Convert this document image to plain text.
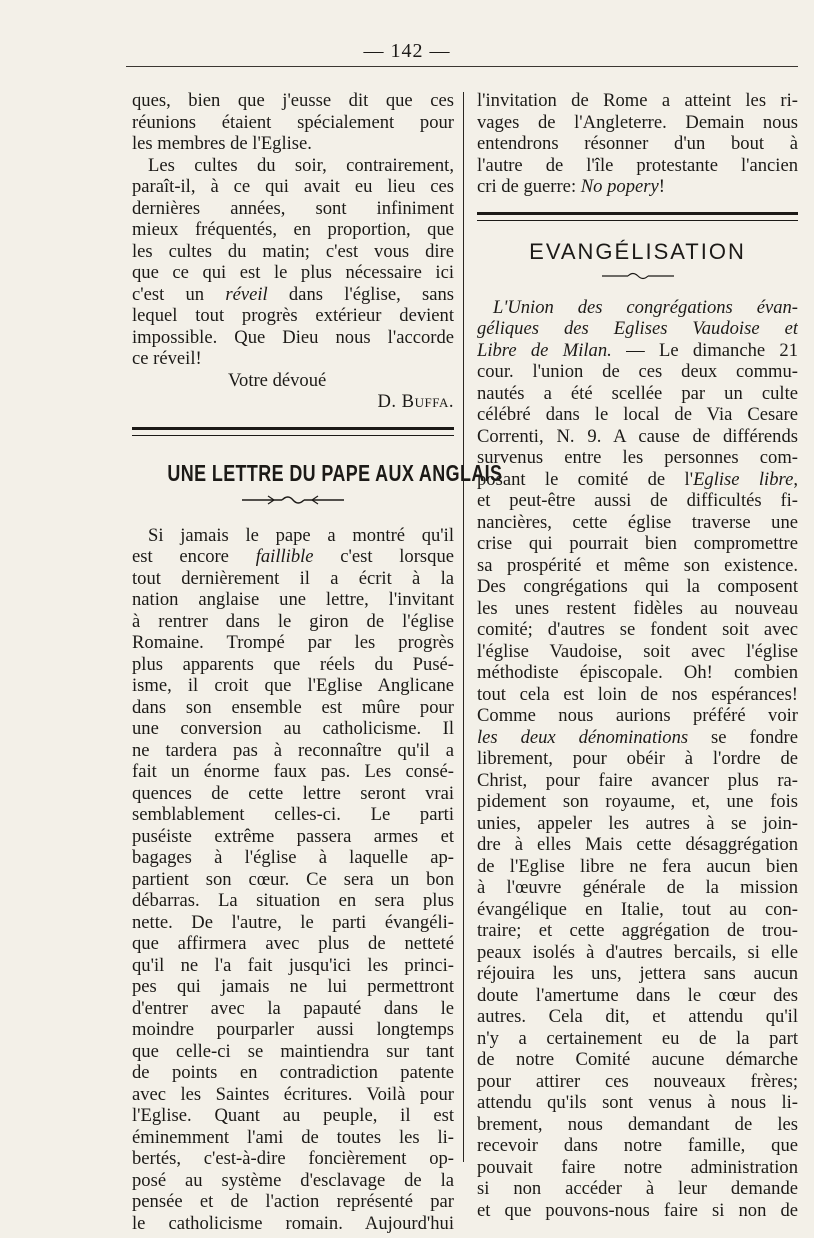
— 142 —
ques, bien que j'eusse dit que ces
réunions étaient spécialement pour
les membres de l'Eglise.
Les cultes du soir, contrairement,
paraît-il, à ce qui avait eu lieu ces
dernières années, sont infiniment
mieux fréquentés, en proportion, que
les cultes du matin; c'est vous dire
que ce qui est le plus nécessaire ici
c'est un réveil dans l'église, sans
lequel tout progrès extérieur devient
impossible. Que Dieu nous l'accorde
ce réveil!
Votre dévoué
D. Buffa.
UNE LETTRE DU PAPE AUX ANGLAIS
Si jamais le pape a montré qu'il
est encore faillible c'est lorsque
tout dernièrement il a écrit à la
nation anglaise une lettre, l'invitant
à rentrer dans le giron de l'église
Romaine. Trompé par les progrès
plus apparents que réels du Pusé-
isme, il croit que l'Eglise Anglicane
dans son ensemble est mûre pour
une conversion au catholicisme. Il
ne tardera pas à reconnaître qu'il a
fait un énorme faux pas. Les consé-
quences de cette lettre seront vrai
semblablement celles-ci. Le parti
puséiste extrême passera armes et
bagages à l'église à laquelle ap-
partient son cœur. Ce sera un bon
débarras. La situation en sera plus
nette. De l'autre, le parti évangéli-
que affirmera avec plus de netteté
qu'il ne l'a fait jusqu'ici les princi-
pes qui jamais ne lui permettront
d'entrer avec la papauté dans le
moindre pourparler aussi longtemps
que celle-ci se maintiendra sur tant
de points en contradiction patente
avec les Saintes écritures. Voilà pour
l'Eglise. Quant au peuple, il est
éminemment l'ami de toutes les li-
bertés, c'est-à-dire foncièrement op-
posé au système d'esclavage de la
pensée et de l'action représenté par
le catholicisme romain. Aujourd'hui
l'invitation de Rome a atteint les ri-
vages de l'Angleterre. Demain nous
entendrons résonner d'un bout à
l'autre de l'île protestante l'ancien
cri de guerre: No popery!
EVANGÉLISATION
L'Union des congrégations évan-
géliques des Eglises Vaudoise et
Libre de Milan. — Le dimanche 21
cour. l'union de ces deux commu-
nautés a été scellée par un culte
célébré dans le local de Via Cesare
Correnti, N. 9. A cause de différends
survenus entre les personnes com-
posant le comité de l'Eglise libre,
et peut-être aussi de difficultés fi-
nancières, cette église traverse une
crise qui pourrait bien compromettre
sa prospérité et même son existence.
Des congrégations qui la composent
les unes restent fidèles au nouveau
comité; d'autres se fondent soit avec
l'église Vaudoise, soit avec l'église
méthodiste épiscopale. Oh! combien
tout cela est loin de nos espérances!
Comme nous aurions préféré voir
les deux dénominations se fondre
librement, pour obéir à l'ordre de
Christ, pour faire avancer plus ra-
pidement son royaume, et, une fois
unies, appeler les autres à se join-
dre à elles Mais cette désaggrégation
de l'Eglise libre ne fera aucun bien
à l'œuvre générale de la mission
évangélique en Italie, tout au con-
traire; et cette aggrégation de trou-
peaux isolés à d'autres bercails, si elle
réjouira les uns, jettera sans aucun
doute l'amertume dans le cœur des
autres. Cela dit, et attendu qu'il
n'y a certainement eu de la part
de notre Comité aucune démarche
pour attirer ces nouveaux frères;
attendu qu'ils sont venus à nous li-
brement, nous demandant de les
recevoir dans notre famille, que
pouvait faire notre administration
si non accéder à leur demande
et que pouvons-nous faire si non de
